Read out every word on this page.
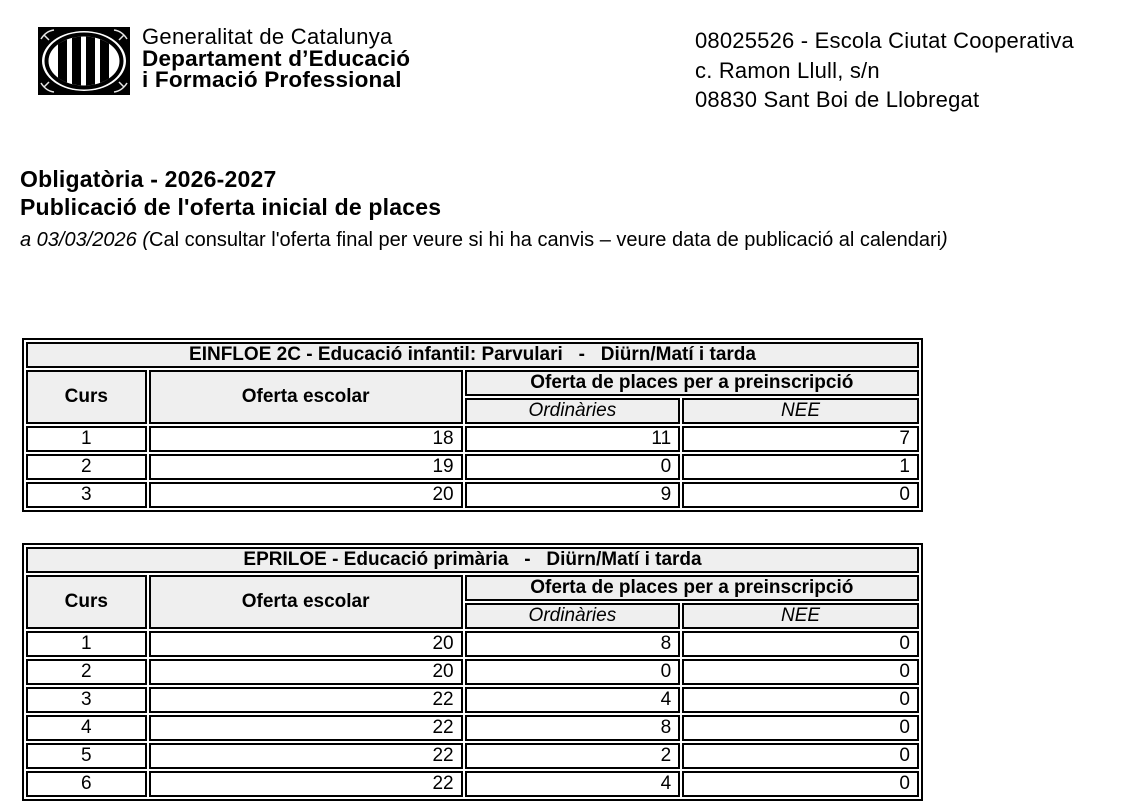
Generalitat de Catalunya
Departament d’Educació
i Formació Professional
08025526 - Escola Ciutat Cooperativa
c. Ramon Llull, s/n
08830 Sant Boi de Llobregat
Obligatòria - 2026-2027
Publicació de l'oferta inicial de places
a 03/03/2026 (Cal consultar l'oferta final per veure si hi ha canvis – veure data de publicació al calendari)
EINFLOE 2C - Educació infantil: Parvulari   -   Diürn/Matí i tarda			
Curs	Oferta escolar	Oferta de places per a preinscripció	
		Ordinàries	NEE
1	18	11	7
2	19	0	1
3	20	9	0
EPRILOE - Educació primària   -   Diürn/Matí i tarda			
Curs	Oferta escolar	Oferta de places per a preinscripció	
		Ordinàries	NEE
1	20	8	0
2	20	0	0
3	22	4	0
4	22	8	0
5	22	2	0
6	22	4	0
